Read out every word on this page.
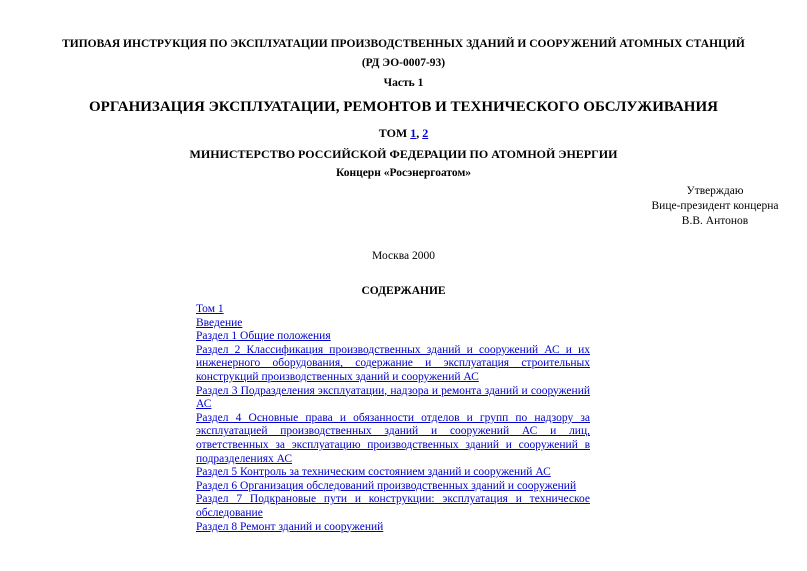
ТИПОВАЯ ИНСТРУКЦИЯ ПО ЭКСПЛУАТАЦИИ ПРОИЗВОДСТВЕННЫХ ЗДАНИЙ И СООРУЖЕНИЙ АТОМНЫХ СТАНЦИЙ
(РД ЭО-0007-93)
Часть 1
ОРГАНИЗАЦИЯ ЭКСПЛУАТАЦИИ, РЕМОНТОВ И ТЕХНИЧЕСКОГО ОБСЛУЖИВАНИЯ
ТОМ 1, 2
МИНИСТЕРСТВО РОССИЙСКОЙ ФЕДЕРАЦИИ ПО АТОМНОЙ ЭНЕРГИИ
Концерн «Росэнергоатом»
Утверждаю
Вице-президент концерна
В.В. Антонов
Москва 2000
СОДЕРЖАНИЕ
Том 1
Введение
Раздел 1 Общие положения
Раздел 2 Классификация производственных зданий и сооружений АС и их инженерного оборудования, содержание и эксплуатация строительных конструкций производственных зданий и сооружений АС
Раздел 3 Подразделения эксплуатации, надзора и ремонта зданий и сооружений АС
Раздел 4 Основные права и обязанности отделов и групп по надзору за эксплуатацией производственных зданий и сооружений АС и лиц, ответственных за эксплуатацию производственных зданий и сооружений в подразделениях АС
Раздел 5 Контроль за техническим состоянием зданий и сооружений АС
Раздел 6 Организация обследований производственных зданий и сооружений
Раздел 7 Подкрановые пути и конструкции: эксплуатация и техническое обследование
Раздел 8 Ремонт зданий и сооружений
